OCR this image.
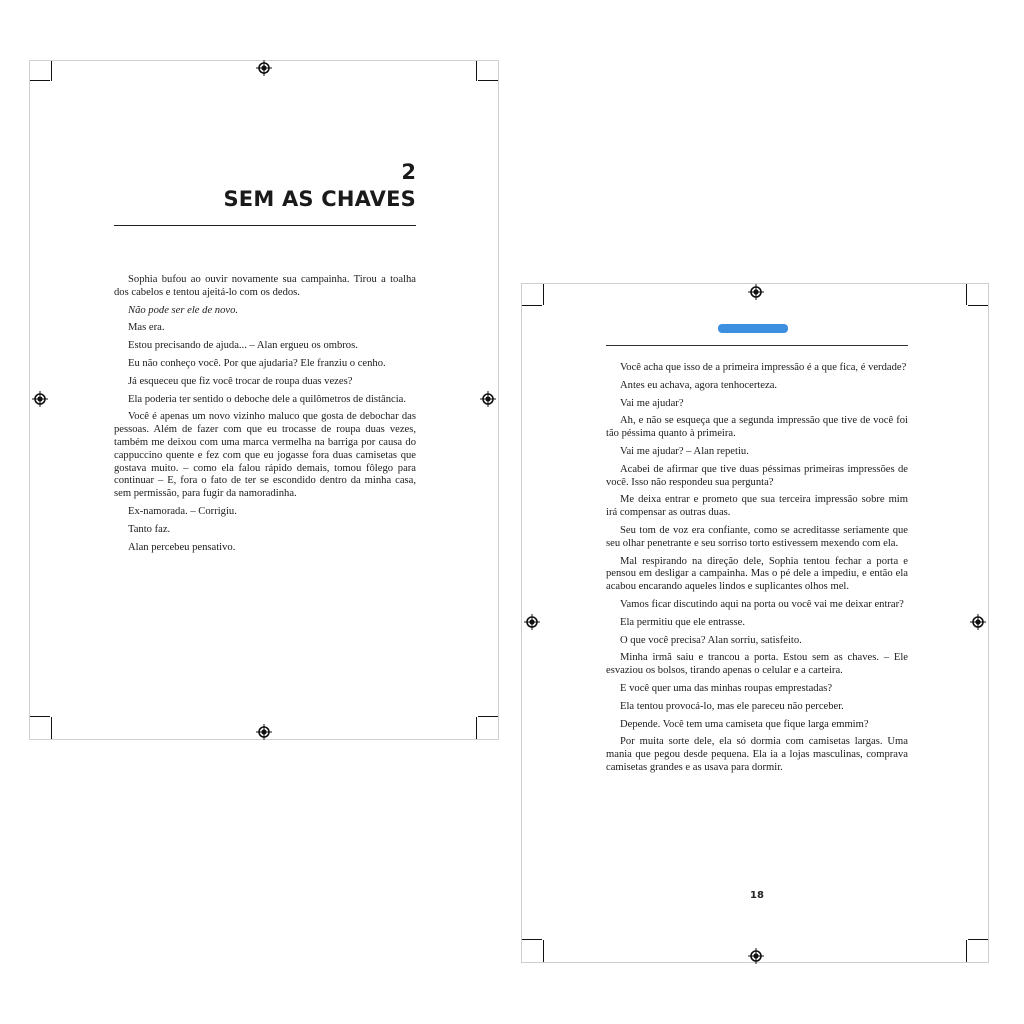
2
SEM AS CHAVES

Sophia bufou ao ouvir novamente sua campainha. Tirou a toalha dos cabelos e tentou ajeitá-lo com os dedos.

Não pode ser ele de novo.

Mas era.

Estou precisando de ajuda... – Alan ergueu os ombros.

Eu não conheço você. Por que ajudaria? Ele franziu o cenho.

Já esqueceu que fiz você trocar de roupa duas vezes?

Ela poderia ter sentido o deboche dele a quilômetros de distância.

Você é apenas um novo vizinho maluco que gosta de debochar das pessoas. Além de fazer com que eu trocasse de roupa duas vezes, também me deixou com uma marca vermelha na barriga por causa do cappuccino quente e fez com que eu jogasse fora duas camisetas que gostava muito. – como ela falou rápido demais, tomou fôlego para continuar – E, fora o fato de ter se escondido dentro da minha casa, sem permissão, para fugir da namoradinha.

Ex-namorada. – Corrigiu.

Tanto faz.

Alan percebeu pensativo.

Você acha que isso de a primeira impressão é a que fica, é verdade?

Antes eu achava, agora tenhocerteza.

Vai me ajudar?

Ah, e não se esqueça que a segunda impressão que tive de você foi tão péssima quanto à primeira.

Vai me ajudar? – Alan repetiu.

Acabei de afirmar que tive duas péssimas primeiras impressões de você. Isso não respondeu sua pergunta?

Me deixa entrar e prometo que sua terceira impressão sobre mim irá compensar as outras duas.

Seu tom de voz era confiante, como se acreditasse seriamente que seu olhar penetrante e seu sorriso torto estivessem mexendo com ela.

Mal respirando na direção dele, Sophia tentou fechar a porta e pensou em desligar a campainha. Mas o pé dele a impediu, e então ela acabou encarando aqueles lindos e suplicantes olhos mel.

Vamos ficar discutindo aqui na porta ou você vai me deixar entrar?

Ela permitiu que ele entrasse.

O que você precisa? Alan sorriu, satisfeito.

Minha irmã saiu e trancou a porta. Estou sem as chaves. – Ele esvaziou os bolsos, tirando apenas o celular e a carteira.

E você quer uma das minhas roupas emprestadas?

Ela tentou provocá-lo, mas ele pareceu não perceber.

Depende. Você tem uma camiseta que fique larga emmim?

Por muita sorte dele, ela só dormia com camisetas largas. Uma mania que pegou desde pequena. Ela ia a lojas masculinas, comprava camisetas grandes e as usava para dormir.

18
